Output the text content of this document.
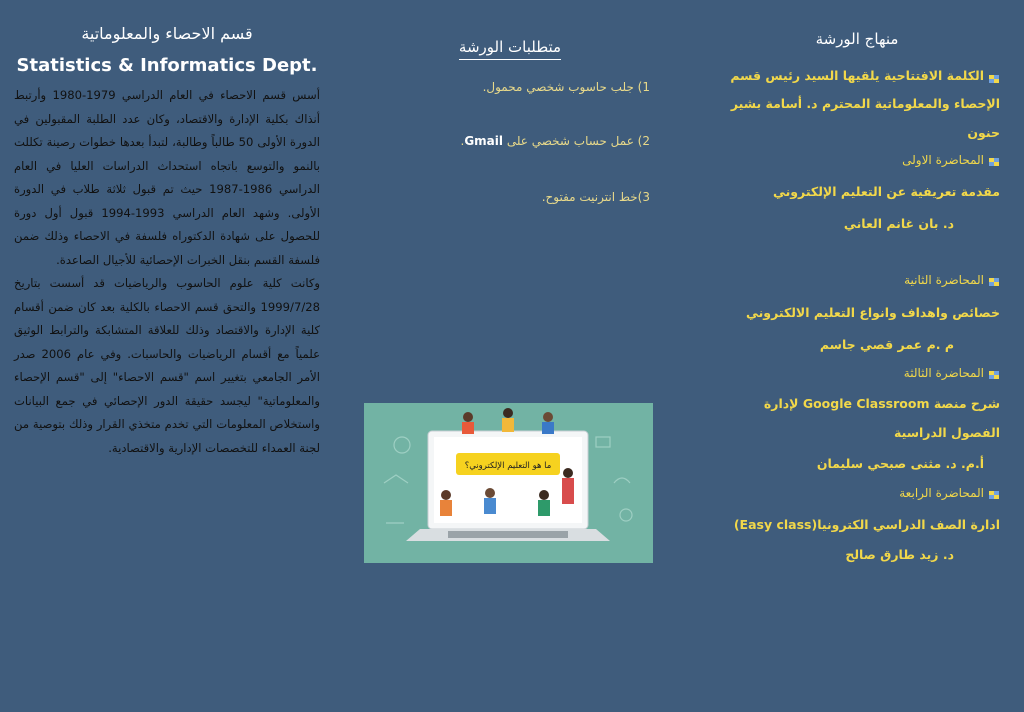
قسم الاحصاء والمعلوماتية
Statistics & Informatics Dept.

أسس قسم الاحصاء في العام الدراسي 1979-1980 وأرتبط أنذاك بكلية الإدارة والاقتصاد، وكان عدد الطلبة المقبولين في الدورة الأولى 50 طالباً وطالبة، لتبدأ بعدها خطوات رصينة تكللت بالنمو والتوسع باتجاه استحداث الدراسات العليا في العام الدراسي 1986-1987 حيث تم قبول ثلاثة طلاب في الدورة الأولى. وشهد العام الدراسي 1993-1994 قبول أول دورة للحصول على شهادة الدكتوراه فلسفة في الاحصاء وذلك ضمن فلسفة القسم بنقل الخبرات الإحصائية للأجيال الصاعدة.

وكانت كلية علوم الحاسوب والرياضيات قد أسست بتاريخ 1999/7/28 والتحق قسم الاحصاء بالكلية بعد كان ضمن أقسام كلية الإدارة والاقتصاد وذلك للعلاقة المتشابكة والترابط الوثيق علمياً مع أقسام الرياضيات والحاسبات. وفي عام 2006 صدر الأمر الجامعي بتغيير اسم "قسم الاحصاء" إلى "قسم الإحصاء والمعلوماتية" ليجسد حقيقة الدور الإحصائي في جمع البيانات واستخلاص المعلومات التي تخدم متخذي القرار وذلك بتوصية من لجنة العمداء للتخصصات الإدارية والاقتصادية.

متطلبات الورشة
1) جلب حاسوب شخصي محمول.
2) عمل حساب شخصي على Gmail.
3)خط انترنيت مفتوح.
ما هو التعليم الإلكتروني؟
منهاج الورشة
الكلمة الافتتاحية يلقيها السيد رئيس قسم
الإحصاء والمعلوماتية المحترم د. أسامة بشير
حنون
المحاضرة الاولى
مقدمة تعريفية عن التعليم الإلكتروني
د. بان غانم العاني
المحاضرة الثانية
خصائص واهداف وانواع التعليم الالكتروني
م .م عمر قصي جاسم
المحاضرة الثالثة
شرح منصة Google Classroom لإدارة
الفصول الدراسية
أ.م. د. مثنى صبحي سليمان
المحاضرة الرابعة
ادارة الصف الدراسي الكترونيا(Easy class)
د. زيد طارق صالح
